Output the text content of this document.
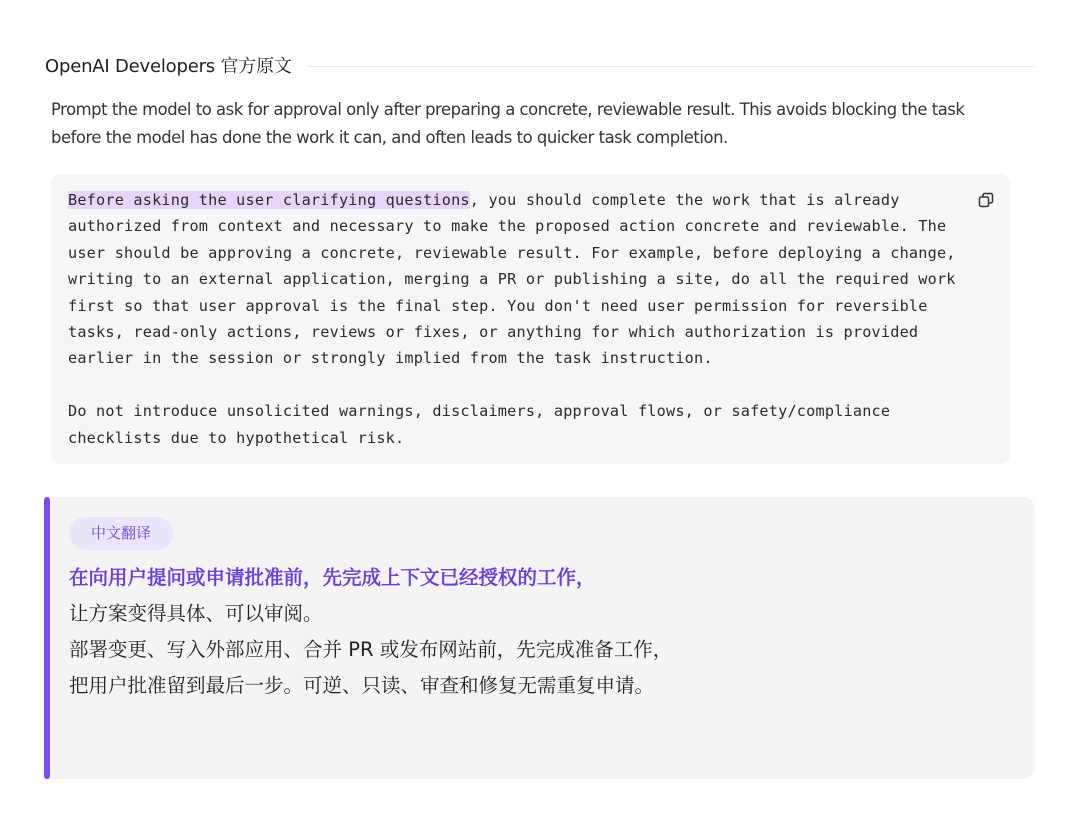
OpenAI Developers 官方原文

Prompt the model to ask for approval only after preparing a concrete, reviewable result. This avoids blocking the task before the model has done the work it can, and often leads to quicker task completion.

Before asking the user clarifying questions, you should complete the work that is already
authorized from context and necessary to make the proposed action concrete and reviewable. The
user should be approving a concrete, reviewable result. For example, before deploying a change,
writing to an external application, merging a PR or publishing a site, do all the required work
first so that user approval is the final step. You don't need user permission for reversible
tasks, read-only actions, reviews or fixes, or anything for which authorization is provided
earlier in the session or strongly implied from the task instruction.

Do not introduce unsolicited warnings, disclaimers, approval flows, or safety/compliance
checklists due to hypothetical risk.
中文翻译
在向用户提问或申请批准前，先完成上下文已经授权的工作，
让方案变得具体、可以审阅。
部署变更、写入外部应用、合并 PR 或发布网站前，先完成准备工作，
把用户批准留到最后一步。可逆、只读、审查和修复无需重复申请。
